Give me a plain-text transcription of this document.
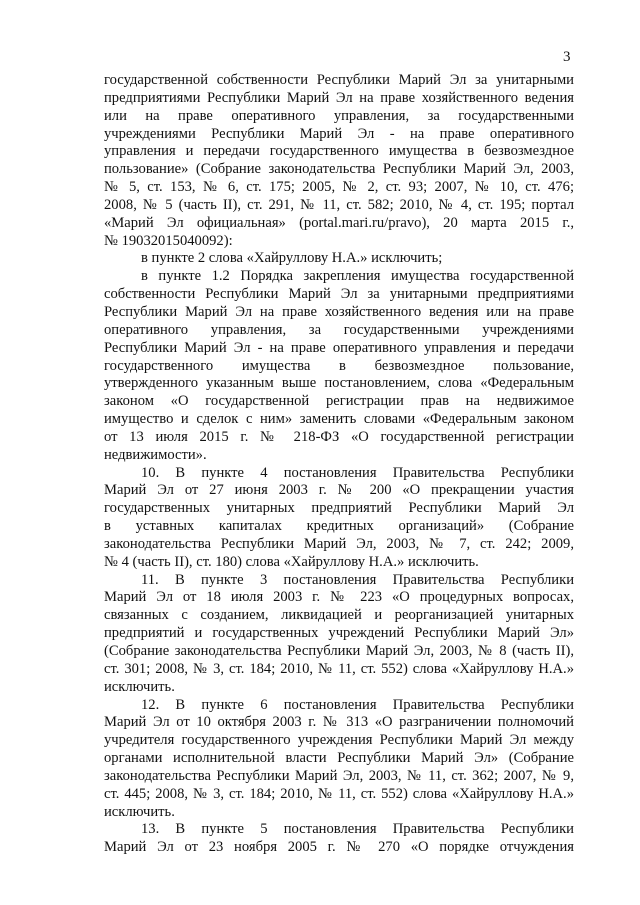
3
государственной собственности Республики Марий Эл за унитарными
предприятиями Республики Марий Эл на праве хозяйственного ведения
или на праве оперативного управления, за государственными
учреждениями Республики Марий Эл - на праве оперативного
управления и передачи государственного имущества в безвозмездное
пользование» (Собрание законодательства Республики Марий Эл, 2003,
№ 5, ст. 153, № 6, ст. 175; 2005, № 2, ст. 93; 2007, № 10, ст. 476;
2008, № 5 (часть II), ст. 291, № 11, ст. 582; 2010, № 4, ст. 195; портал
«Марий Эл официальная» (portal.mari.ru/pravo), 20 марта 2015 г.,
№ 19032015040092):
в пункте 2 слова «Хайруллову Н.А.» исключить;
в пункте 1.2 Порядка закрепления имущества государственной
собственности Республики Марий Эл за унитарными предприятиями
Республики Марий Эл на праве хозяйственного ведения или на праве
оперативного управления, за государственными учреждениями
Республики Марий Эл - на праве оперативного управления и передачи
государственного имущества в безвозмездное пользование,
утвержденного указанным выше постановлением, слова «Федеральным
законом «О государственной регистрации прав на недвижимое
имущество и сделок с ним» заменить словами «Федеральным законом
от 13 июля 2015 г. № 218-ФЗ «О государственной регистрации
недвижимости».
10. В пункте 4 постановления Правительства Республики
Марий Эл от 27 июня 2003 г. № 200 «О прекращении участия
государственных унитарных предприятий Республики Марий Эл
в уставных капиталах кредитных организаций» (Собрание
законодательства Республики Марий Эл, 2003, № 7, ст. 242; 2009,
№ 4 (часть II), ст. 180) слова «Хайруллову Н.А.» исключить.
11. В пункте 3 постановления Правительства Республики
Марий Эл от 18 июля 2003 г. № 223 «О процедурных вопросах,
связанных с созданием, ликвидацией и реорганизацией унитарных
предприятий и государственных учреждений Республики Марий Эл»
(Собрание законодательства Республики Марий Эл, 2003, № 8 (часть II),
ст. 301; 2008, № 3, ст. 184; 2010, № 11, ст. 552) слова «Хайруллову Н.А.»
исключить.
12. В пункте 6 постановления Правительства Республики
Марий Эл от 10 октября 2003 г. № 313 «О разграничении полномочий
учредителя государственного учреждения Республики Марий Эл между
органами исполнительной власти Республики Марий Эл» (Собрание
законодательства Республики Марий Эл, 2003, № 11, ст. 362; 2007, № 9,
ст. 445; 2008, № 3, ст. 184; 2010, № 11, ст. 552) слова «Хайруллову Н.А.»
исключить.
13. В пункте 5 постановления Правительства Республики
Марий Эл от 23 ноября 2005 г. № 270 «О порядке отчуждения
